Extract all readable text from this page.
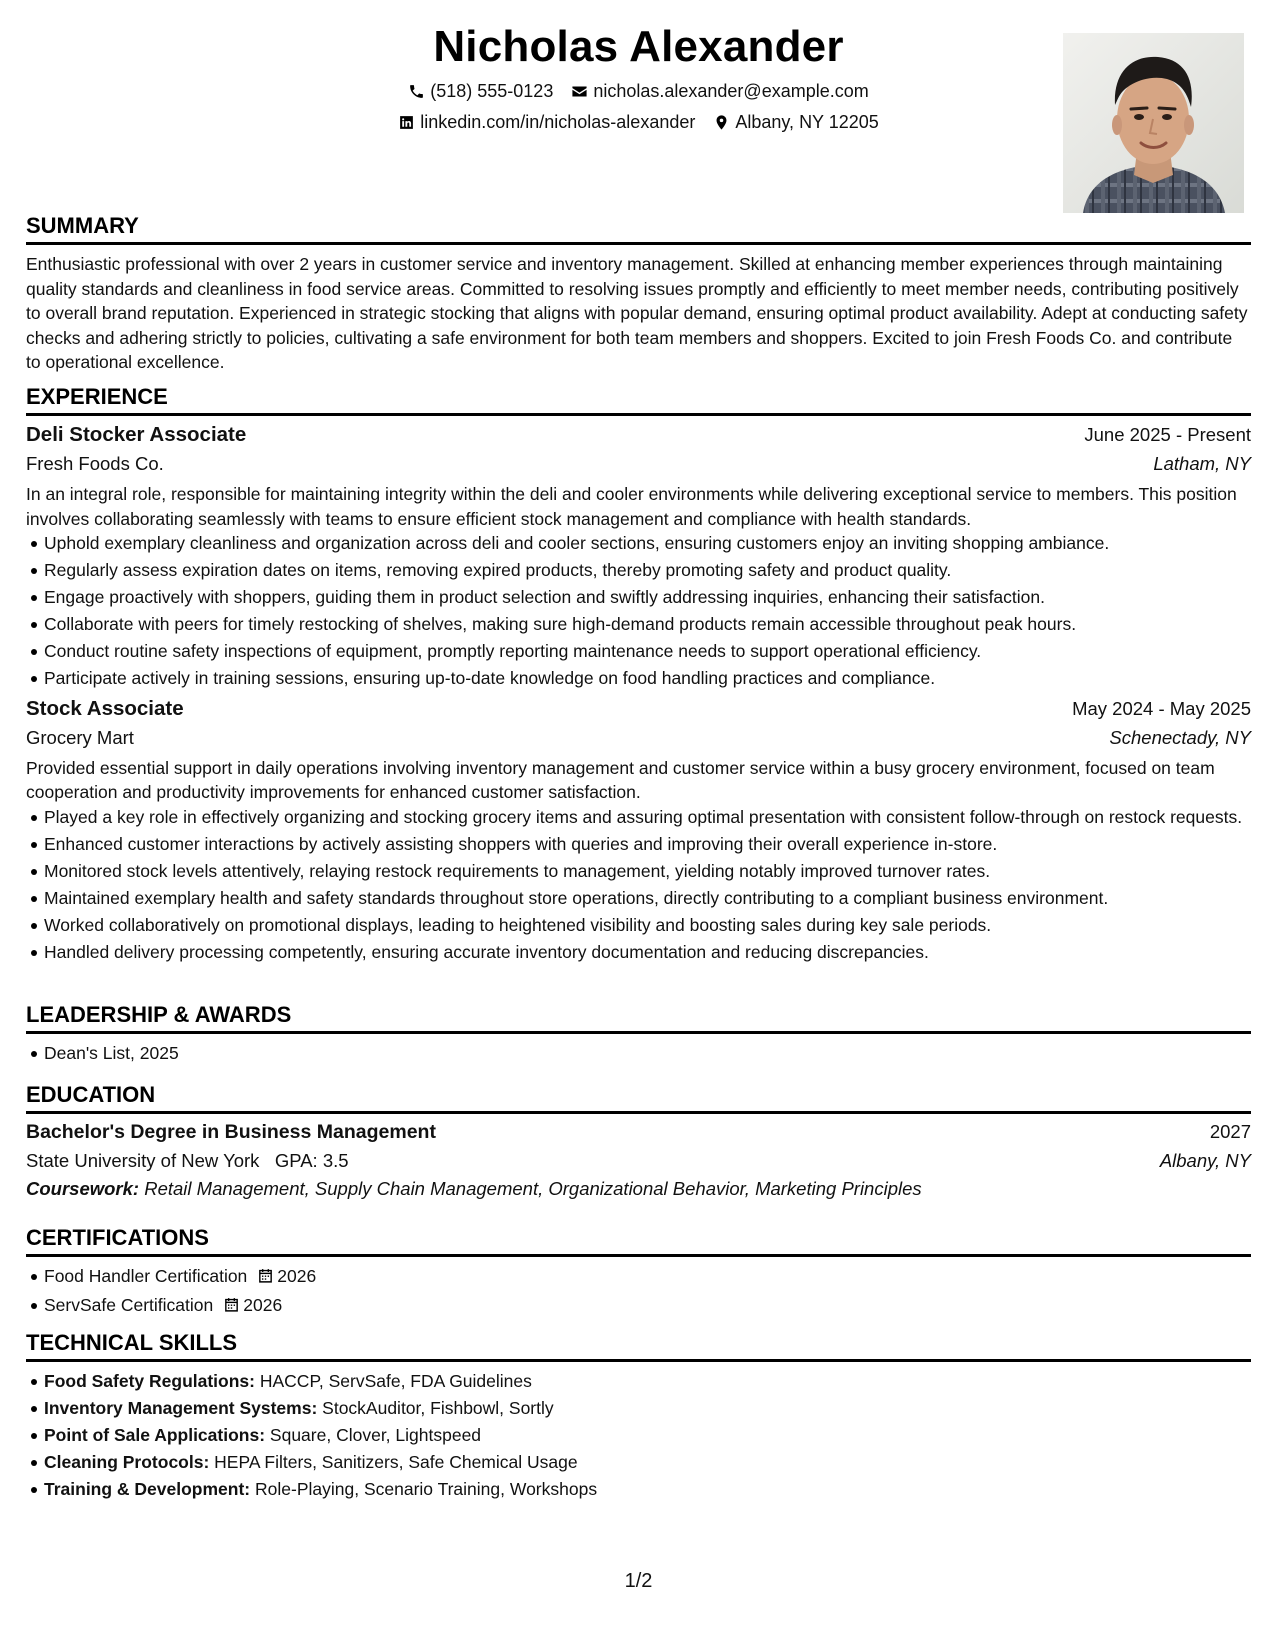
Nicholas Alexander
(518) 555-0123 nicholas.alexander@example.com
linkedin.com/in/nicholas-alexander Albany, NY 12205
SUMMARY

Enthusiastic professional with over 2 years in customer service and inventory management. Skilled at enhancing member experiences through maintaining quality standards and cleanliness in food service areas. Committed to resolving issues promptly and efficiently to meet member needs, contributing positively to overall brand reputation. Experienced in strategic stocking that aligns with popular demand, ensuring optimal product availability. Adept at conducting safety checks and adhering strictly to policies, cultivating a safe environment for both team members and shoppers. Excited to join Fresh Foods Co. and contribute to operational excellence.

EXPERIENCE
Deli Stocker Associate	June 2025 - Present
Fresh Foods Co.	Latham, NY

In an integral role, responsible for maintaining integrity within the deli and cooler environments while delivering exceptional service to members. This position involves collaborating seamlessly with teams to ensure efficient stock management and compliance with health standards.

Uphold exemplary cleanliness and organization across deli and cooler sections, ensuring customers enjoy an inviting shopping ambiance.
Regularly assess expiration dates on items, removing expired products, thereby promoting safety and product quality.
Engage proactively with shoppers, guiding them in product selection and swiftly addressing inquiries, enhancing their satisfaction.
Collaborate with peers for timely restocking of shelves, making sure high-demand products remain accessible throughout peak hours.
Conduct routine safety inspections of equipment, promptly reporting maintenance needs to support operational efficiency.
Participate actively in training sessions, ensuring up-to-date knowledge on food handling practices and compliance.
Stock Associate	May 2024 - May 2025
Grocery Mart	Schenectady, NY

Provided essential support in daily operations involving inventory management and customer service within a busy grocery environment, focused on team cooperation and productivity improvements for enhanced customer satisfaction.

Played a key role in effectively organizing and stocking grocery items and assuring optimal presentation with consistent follow-through on restock requests.
Enhanced customer interactions by actively assisting shoppers with queries and improving their overall experience in-store.
Monitored stock levels attentively, relaying restock requirements to management, yielding notably improved turnover rates.
Maintained exemplary health and safety standards throughout store operations, directly contributing to a compliant business environment.
Worked collaboratively on promotional displays, leading to heightened visibility and boosting sales during key sale periods.
Handled delivery processing competently, ensuring accurate inventory documentation and reducing discrepancies.
LEADERSHIP & AWARDS
Dean's List, 2025
EDUCATION
Bachelor's Degree in Business Management	2027
State University of New York GPA: 3.5	Albany, NY
Coursework: Retail Management, Supply Chain Management, Organizational Behavior, Marketing Principles
CERTIFICATIONS
Food Handler Certification 2026
ServSafe Certification 2026
TECHNICAL SKILLS
Food Safety Regulations: HACCP, ServSafe, FDA Guidelines
Inventory Management Systems: StockAuditor, Fishbowl, Sortly
Point of Sale Applications: Square, Clover, Lightspeed
Cleaning Protocols: HEPA Filters, Sanitizers, Safe Chemical Usage
Training & Development: Role-Playing, Scenario Training, Workshops
1/2
